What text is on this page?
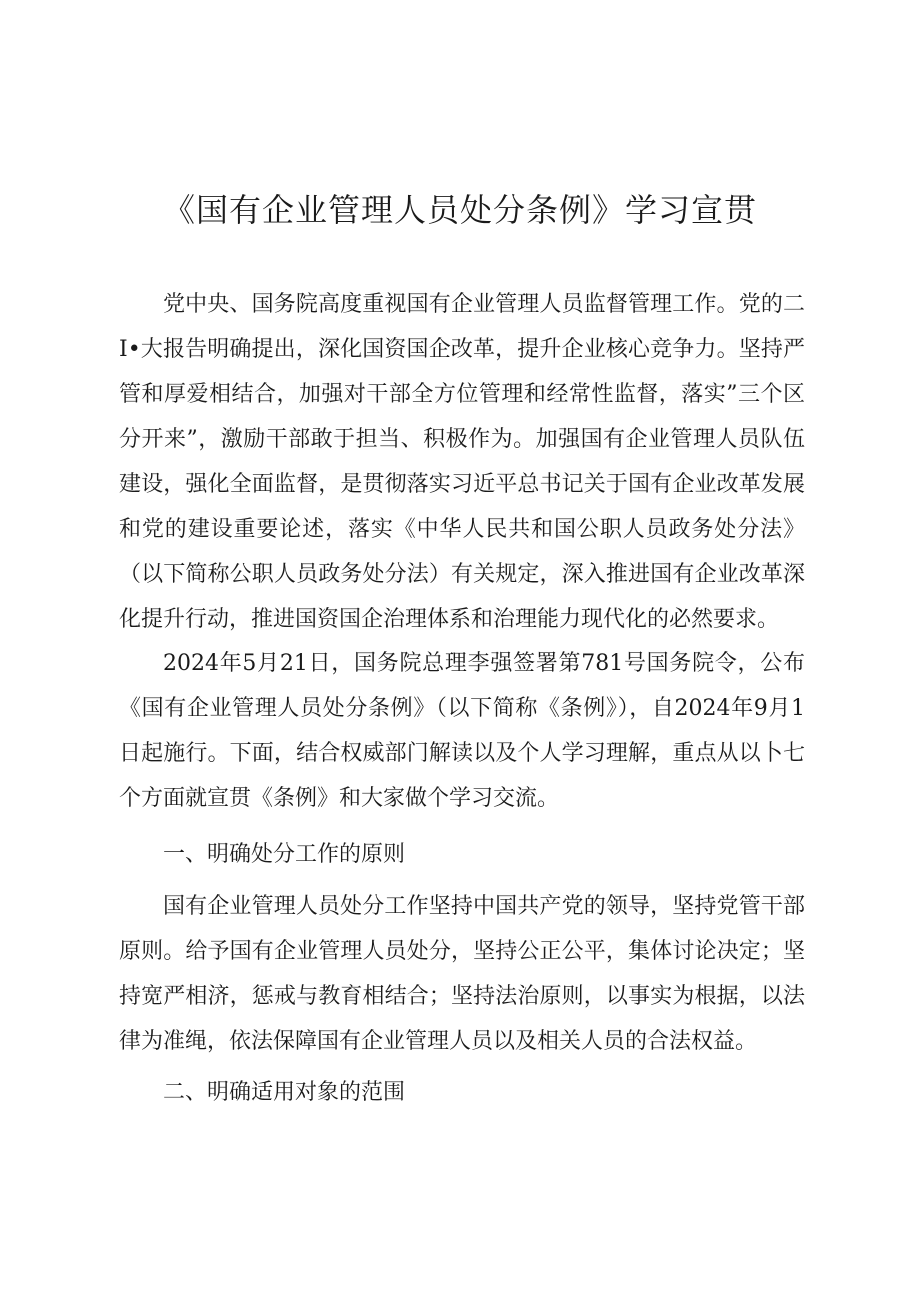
《国有企业管理人员处分条例》学习宣贯

党中央、国务院高度重视国有企业管理人员监督管理工作。党的二I•大报告明确提出，深化国资国企改革，提升企业核心竞争力。坚持严管和厚爱相结合，加强对干部全方位管理和经常性监督，落实”三个区分开来”，激励干部敢于担当、积极作为。加强国有企业管理人员队伍建设，强化全面监督，是贯彻落实习近平总书记关于国有企业改革发展和党的建设重要论述，落实《中华人民共和国公职人员政务处分法》（以下简称公职人员政务处分法）有关规定，深入推进国有企业改革深化提升行动，推进国资国企治理体系和治理能力现代化的必然要求。

2024年5月21日，国务院总理李强签署第781号国务院令，公布《国有企业管理人员处分条例》（以下简称《条例》），自2024年9月1日起施行。下面，结合权威部门解读以及个人学习理解，重点从以卜七个方面就宣贯《条例》和大家做个学习交流。

一、明确处分工作的原则

国有企业管理人员处分工作坚持中国共产党的领导，坚持党管干部原则。给予国有企业管理人员处分，坚持公正公平，集体讨论决定；坚持宽严相济，惩戒与教育相结合；坚持法治原则，以事实为根据，以法律为准绳，依法保障国有企业管理人员以及相关人员的合法权益。

二、明确适用对象的范围
